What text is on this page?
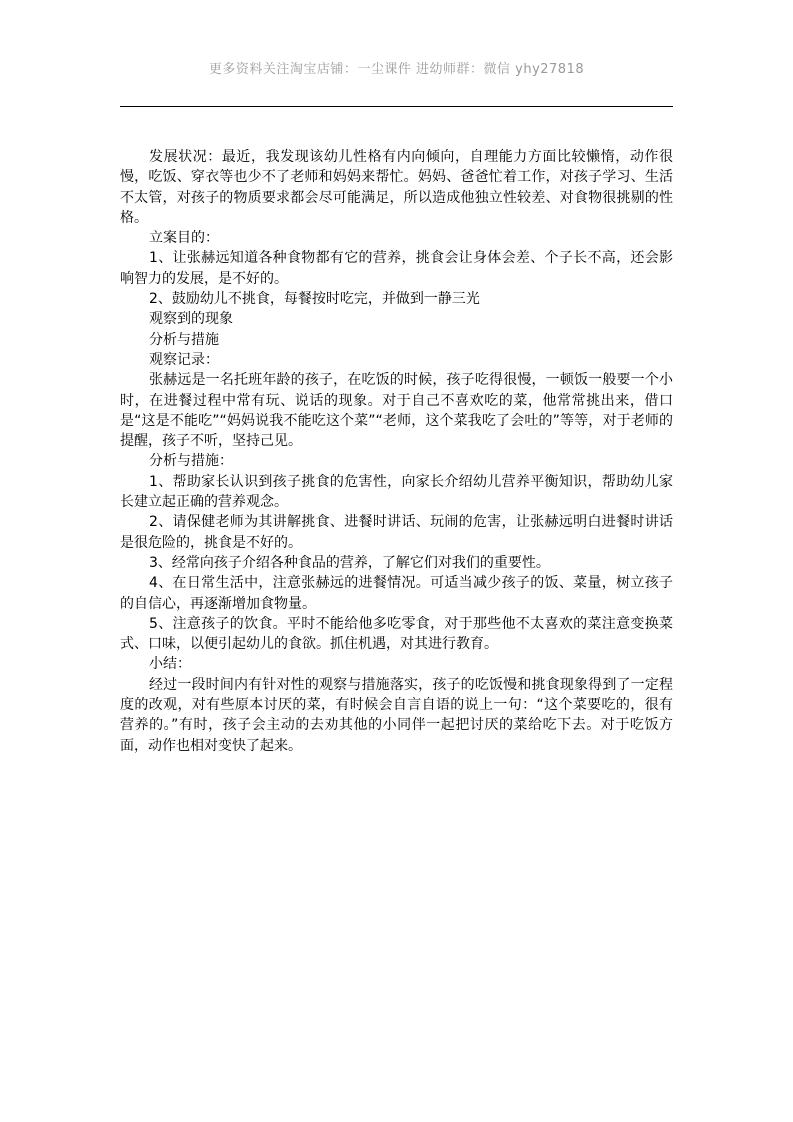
更多资料关注淘宝店铺：一尘课件 进幼师群：微信 yhy27818

发展状况：最近，我发现该幼儿性格有内向倾向，自理能力方面比较懒惰，动作很慢，吃饭、穿衣等也少不了老师和妈妈来帮忙。妈妈、爸爸忙着工作，对孩子学习、生活不太管，对孩子的物质要求都会尽可能满足，所以造成他独立性较差、对食物很挑剔的性格。

立案目的：

1、让张赫远知道各种食物都有它的营养，挑食会让身体会差、个子长不高，还会影响智力的发展，是不好的。

2、鼓励幼儿不挑食，每餐按时吃完，并做到一静三光

观察到的现象

分析与措施

观察记录：

张赫远是一名托班年龄的孩子，在吃饭的时候，孩子吃得很慢，一顿饭一般要一个小时，在进餐过程中常有玩、说话的现象。对于自己不喜欢吃的菜，他常常挑出来，借口是“这是不能吃”“妈妈说我不能吃这个菜”“老师，这个菜我吃了会吐的”等等，对于老师的提醒，孩子不听，坚持己见。

分析与措施：

1、帮助家长认识到孩子挑食的危害性，向家长介绍幼儿营养平衡知识，帮助幼儿家长建立起正确的营养观念。

2、请保健老师为其讲解挑食、进餐时讲话、玩闹的危害，让张赫远明白进餐时讲话是很危险的，挑食是不好的。

3、经常向孩子介绍各种食品的营养，了解它们对我们的重要性。

4、在日常生活中，注意张赫远的进餐情况。可适当减少孩子的饭、菜量，树立孩子的自信心，再逐渐增加食物量。

5、注意孩子的饮食。平时不能给他多吃零食，对于那些他不太喜欢的菜注意变换菜式、口味，以便引起幼儿的食欲。抓住机遇，对其进行教育。

小结：

经过一段时间内有针对性的观察与措施落实，孩子的吃饭慢和挑食现象得到了一定程度的改观，对有些原本讨厌的菜，有时候会自言自语的说上一句：“这个菜要吃的，很有营养的。”有时，孩子会主动的去劝其他的小同伴一起把讨厌的菜给吃下去。对于吃饭方面，动作也相对变快了起来。
